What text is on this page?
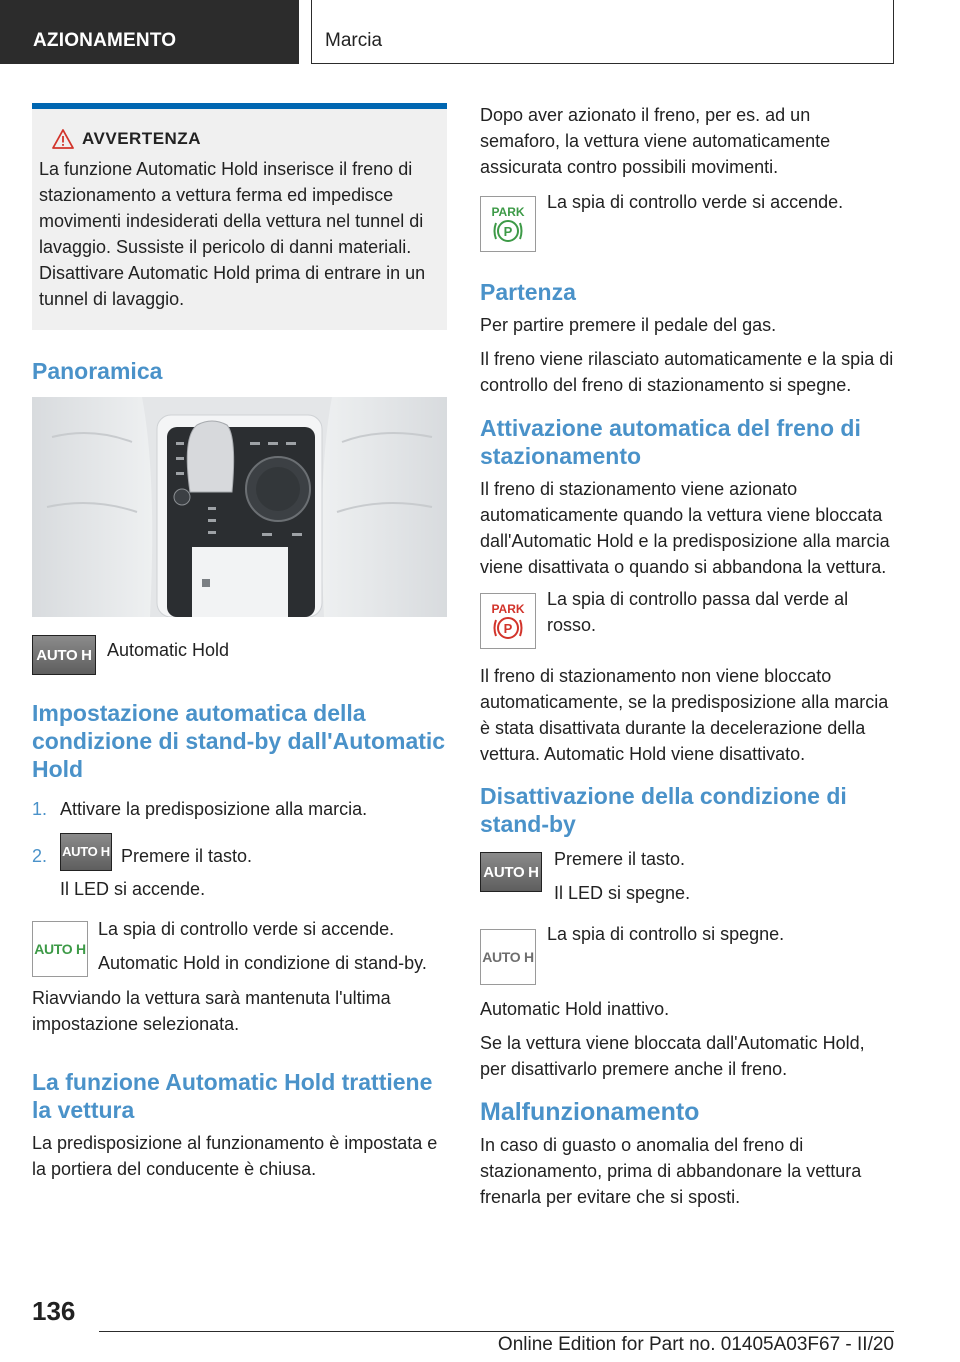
AZIONAMENTO	Marcia
AVVERTENZA

La funzione Automatic Hold inserisce il freno di stazionamento a vettura ferma ed impedisce movimenti indesiderati della vettura nel tunnel di lavaggio. Sussiste il pericolo di danni materiali. Disattivare Automatic Hold prima di entrare in un tunnel di lavaggio.

Panoramica
AUTO H Automatic Hold

Impostazione automatica della condizione di stand-by dall'Automatic Hold
1. Attivare la predisposizione alla marcia.
2.	AUTO H Premere il tasto.

Il LED si accende.

AUTO H

La spia di controllo verde si accende.

Automatic Hold in condizione di stand-by.

Riavviando la vettura sarà mantenuta l'ultima impostazione selezionata.

La funzione Automatic Hold trattiene la vettura

La predisposizione al funzionamento è impostata e la portiera del conducente è chiusa.

Dopo aver azionato il freno, per es. ad un semaforo, la vettura viene automaticamente assicurata contro possibili movimenti.

PARK
P

La spia di controllo verde si accende.

Partenza

Per partire premere il pedale del gas.

Il freno viene rilasciato automaticamente e la spia di controllo del freno di stazionamento si spegne.

Attivazione automatica del freno di stazionamento

Il freno di stazionamento viene azionato automaticamente quando la vettura viene bloccata dall'Automatic Hold e la predisposizione alla marcia viene disattivata o quando si abbandona la vettura.

PARK
P

La spia di controllo passa dal verde al rosso.

Il freno di stazionamento non viene bloccato automaticamente, se la predisposizione alla marcia è stata disattivata durante la decelerazione della vettura. Automatic Hold viene disattivato.

Disattivazione della condizione di stand-by
AUTO H

Premere il tasto.

Il LED si spegne.

AUTO H

La spia di controllo si spegne.

Automatic Hold inattivo.

Se la vettura viene bloccata dall'Automatic Hold, per disattivarlo premere anche il freno.

Malfunzionamento

In caso di guasto o anomalia del freno di stazionamento, prima di abbandonare la vettura frenarla per evitare che si sposti.

136
Online Edition for Part no. 01405A03F67 - II/20
